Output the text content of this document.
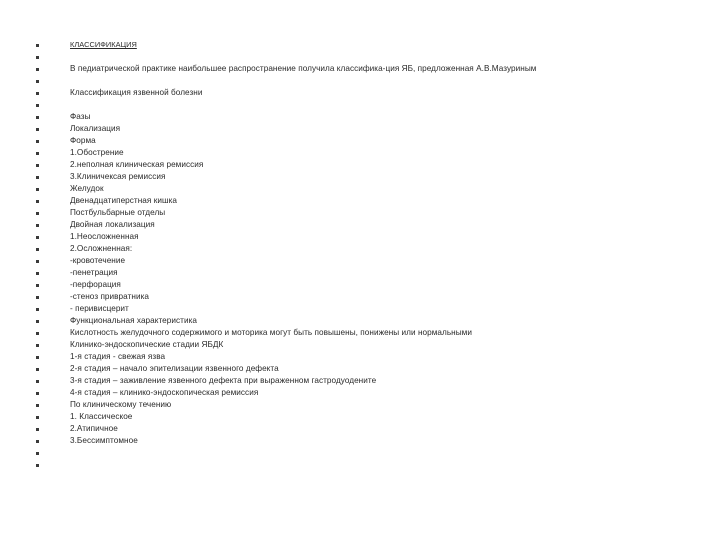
КЛАССИФИКАЦИЯ
В педиатрической практике наибольшее распространение получила классифика-ция ЯБ, предложенная А.В.Мазуриным
Классификация язвенной болезни
Фазы
Локализация
Форма
1.Обострение
2.неполная клиническая ремиссия
3.Клиничексая ремиссия
Желудок
Двенадцатиперстная кишка
Постбульбарные отделы
Двойная локализация
1.Неосложненная
2.Осложненная:
-кровотечение
-пенетрация
-перфорация
-стеноз привратника
- перивисцерит
Функциональная характеристика
Кислотность желудочного содержимого и моторика могут быть повышены, понижены или нормальными
Клинико-эндоскопические стадии ЯБДК
1-я стадия - свежая язва
2-я стадия – начало эпителизации язвенного дефекта
3-я стадия – заживление язвенного дефекта при выраженном гастродуодените
4-я стадия – клинико-эндоскопическая ремиссия
По клиническому течению
1. Классическое
2.Атипичное
3.Бессимптомное
